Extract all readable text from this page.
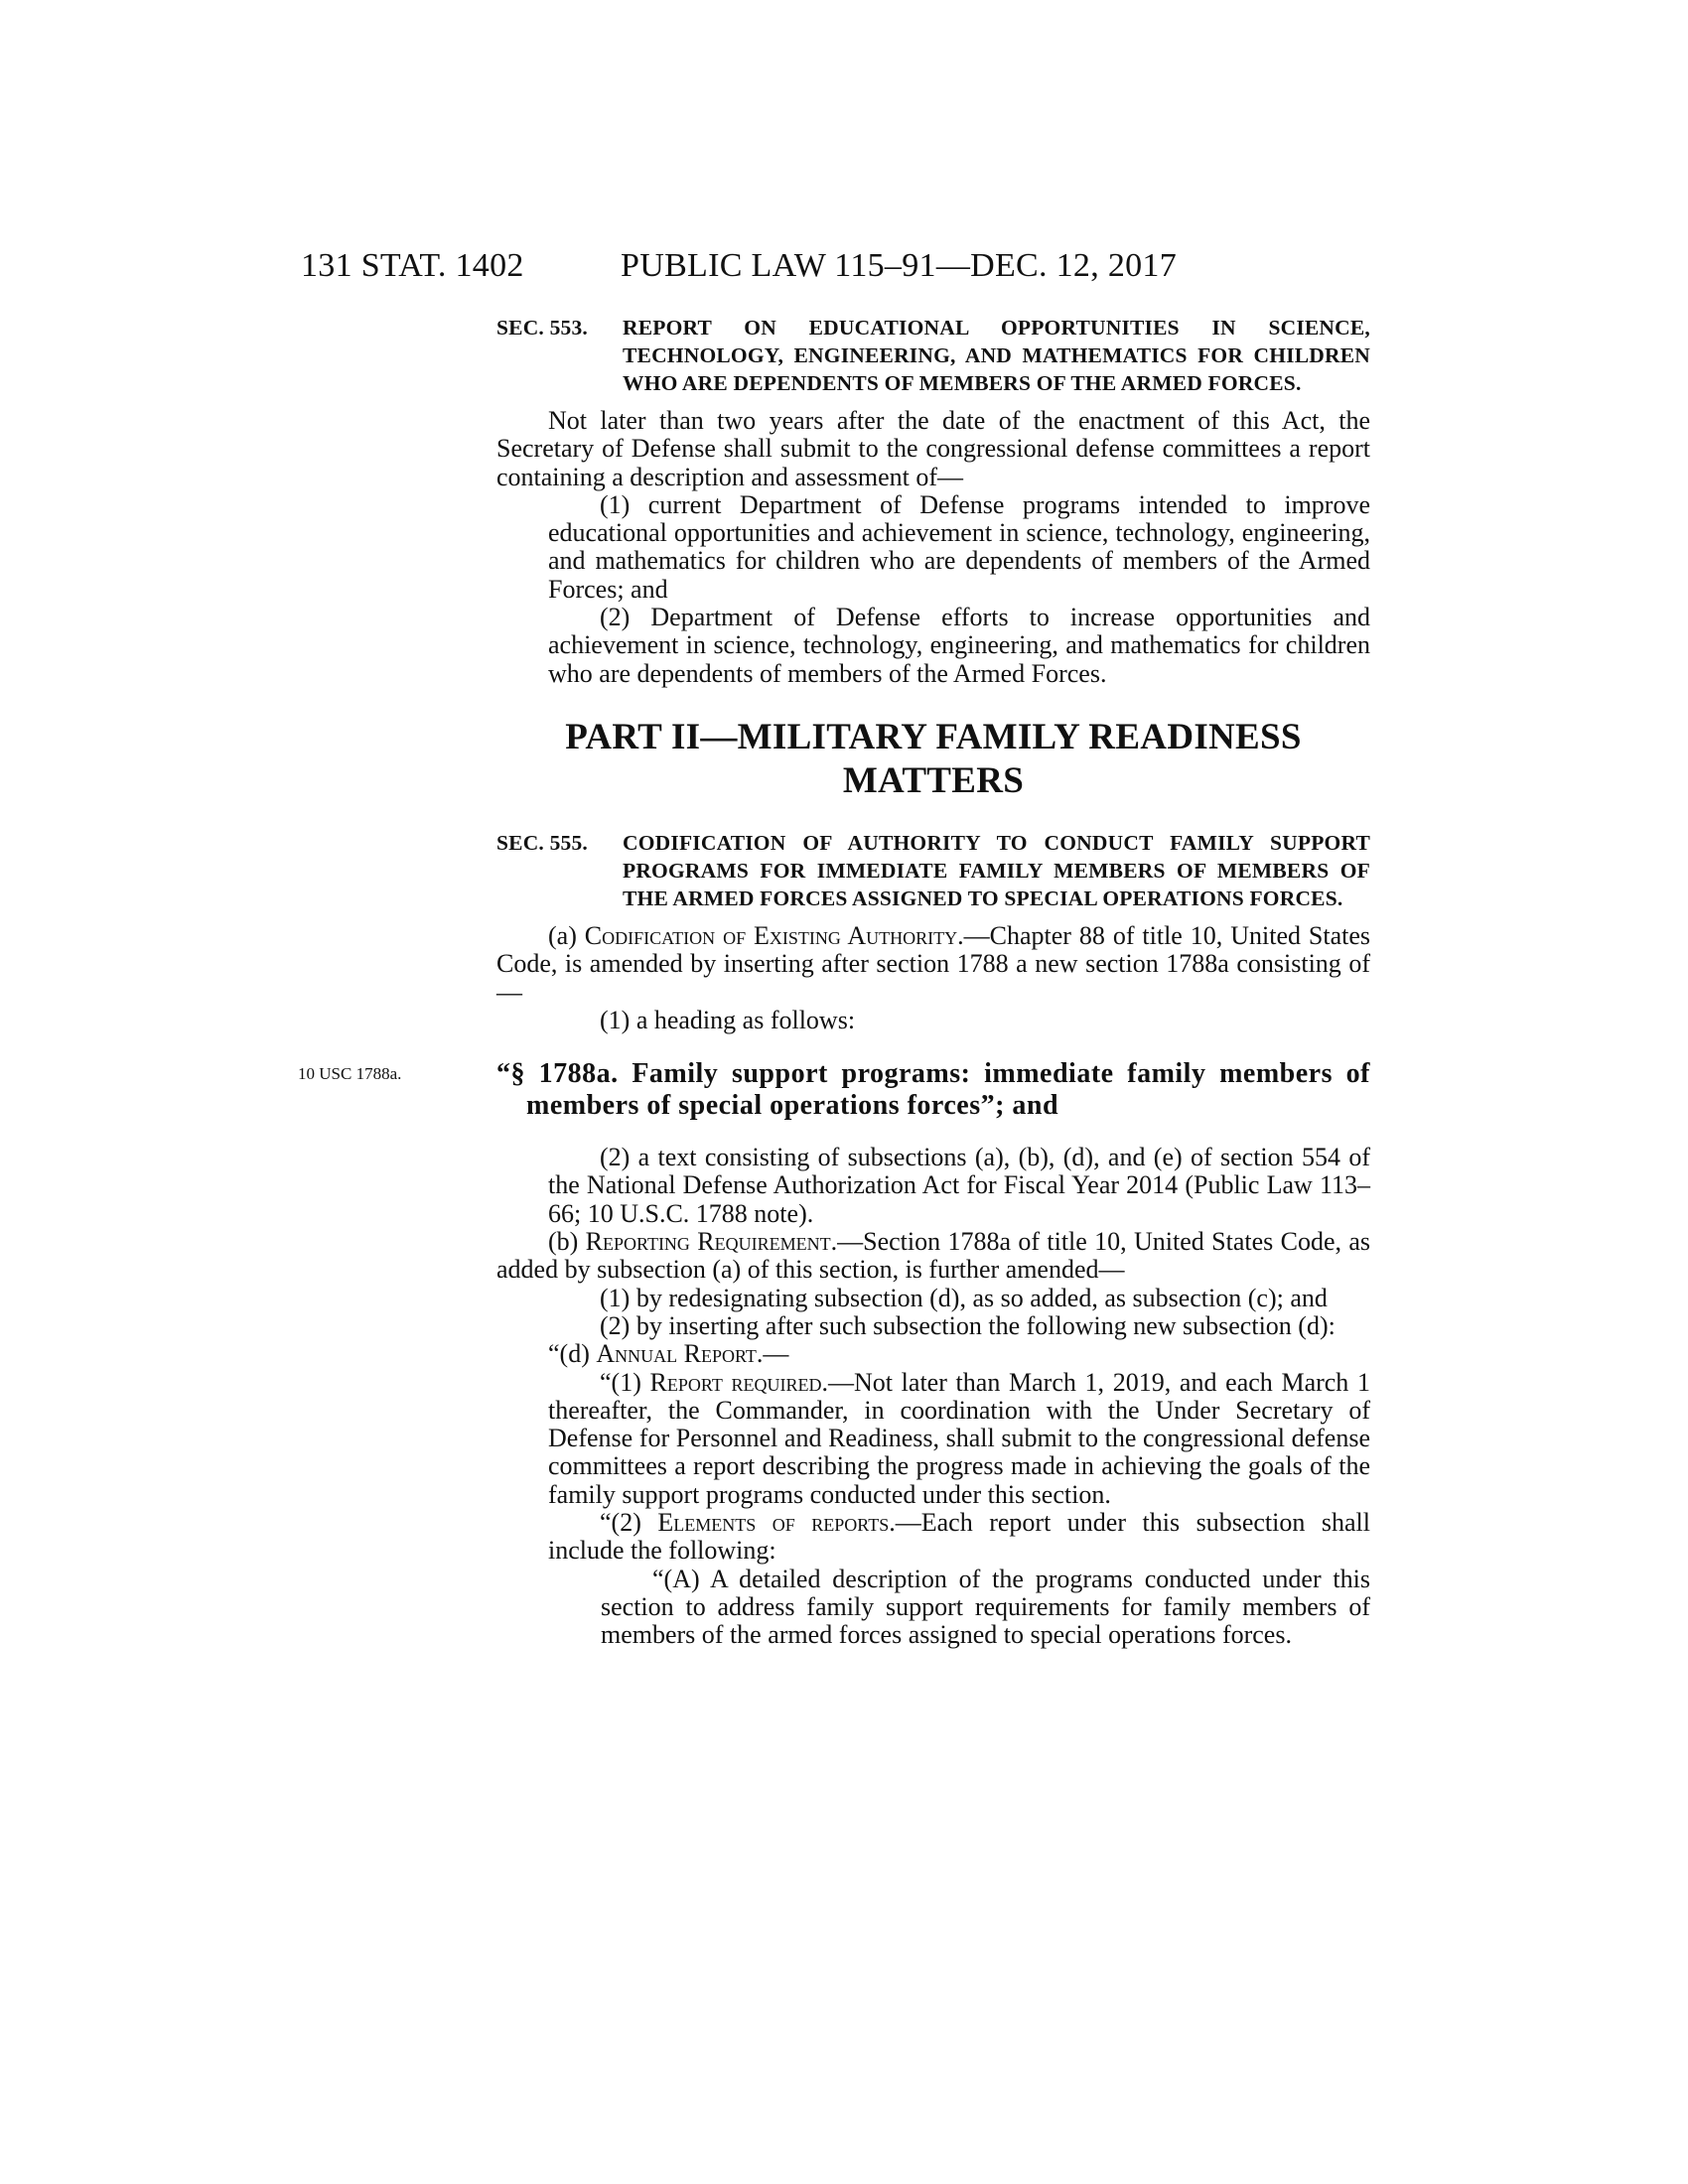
131 STAT. 1402	PUBLIC LAW 115–91—DEC. 12, 2017
SEC. 553. REPORT ON EDUCATIONAL OPPORTUNITIES IN SCIENCE, TECHNOLOGY, ENGINEERING, AND MATHEMATICS FOR CHILDREN WHO ARE DEPENDENTS OF MEMBERS OF THE ARMED FORCES.

Not later than two years after the date of the enactment of this Act, the Secretary of Defense shall submit to the congressional defense committees a report containing a description and assessment of—

(1) current Department of Defense programs intended to improve educational opportunities and achievement in science, technology, engineering, and mathematics for children who are dependents of members of the Armed Forces; and

(2) Department of Defense efforts to increase opportunities and achievement in science, technology, engineering, and mathematics for children who are dependents of members of the Armed Forces.

PART II—MILITARY FAMILY READINESS
MATTERS
SEC. 555. CODIFICATION OF AUTHORITY TO CONDUCT FAMILY SUPPORT PROGRAMS FOR IMMEDIATE FAMILY MEMBERS OF MEMBERS OF THE ARMED FORCES ASSIGNED TO SPECIAL OPERATIONS FORCES.

(a) Codification of Existing Authority.—Chapter 88 of title 10, United States Code, is amended by inserting after section 1788 a new section 1788a consisting of—

(1) a heading as follows:

10 USC 1788a.	“§ 1788a. Family support programs: immediate family members of members of special operations forces”; and

(2) a text consisting of subsections (a), (b), (d), and (e) of section 554 of the National Defense Authorization Act for Fiscal Year 2014 (Public Law 113–66; 10 U.S.C. 1788 note).

(b) Reporting Requirement.—Section 1788a of title 10, United States Code, as added by subsection (a) of this section, is further amended—

(1) by redesignating subsection (d), as so added, as subsection (c); and

(2) by inserting after such subsection the following new subsection (d):

“(d) Annual Report.—

“(1) Report required.—Not later than March 1, 2019, and each March 1 thereafter, the Commander, in coordination with the Under Secretary of Defense for Personnel and Readiness, shall submit to the congressional defense committees a report describing the progress made in achieving the goals of the family support programs conducted under this section.

“(2) Elements of reports.—Each report under this subsection shall include the following:

“(A) A detailed description of the programs conducted under this section to address family support requirements for family members of members of the armed forces assigned to special operations forces.
